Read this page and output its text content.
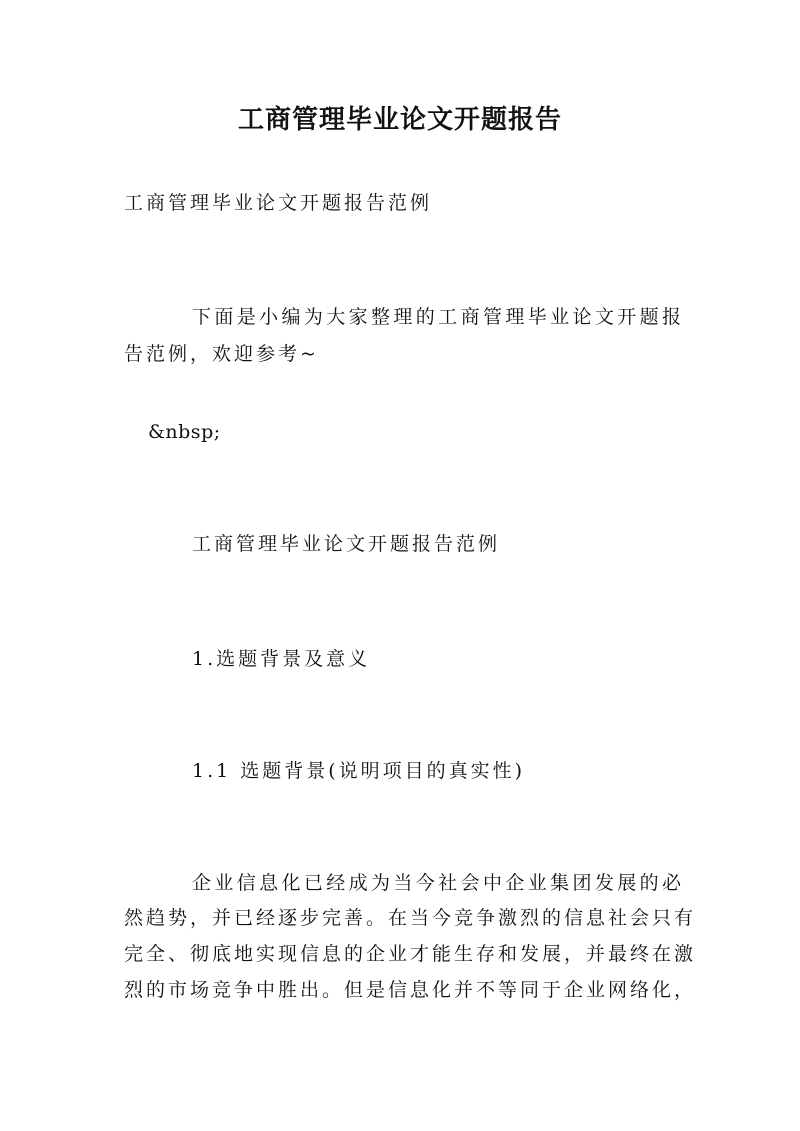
工商管理毕业论文开题报告

工商管理毕业论文开题报告范例

下面是小编为大家整理的工商管理毕业论文开题报

告范例，欢迎参考~

&nbsp;

工商管理毕业论文开题报告范例

1.选题背景及意义

1.1 选题背景(说明项目的真实性)

企业信息化已经成为当今社会中企业集团发展的必

然趋势，并已经逐步完善。在当今竞争激烈的信息社会只有

完全、彻底地实现信息的企业才能生存和发展，并最终在激

烈的市场竞争中胜出。但是信息化并不等同于企业网络化，
